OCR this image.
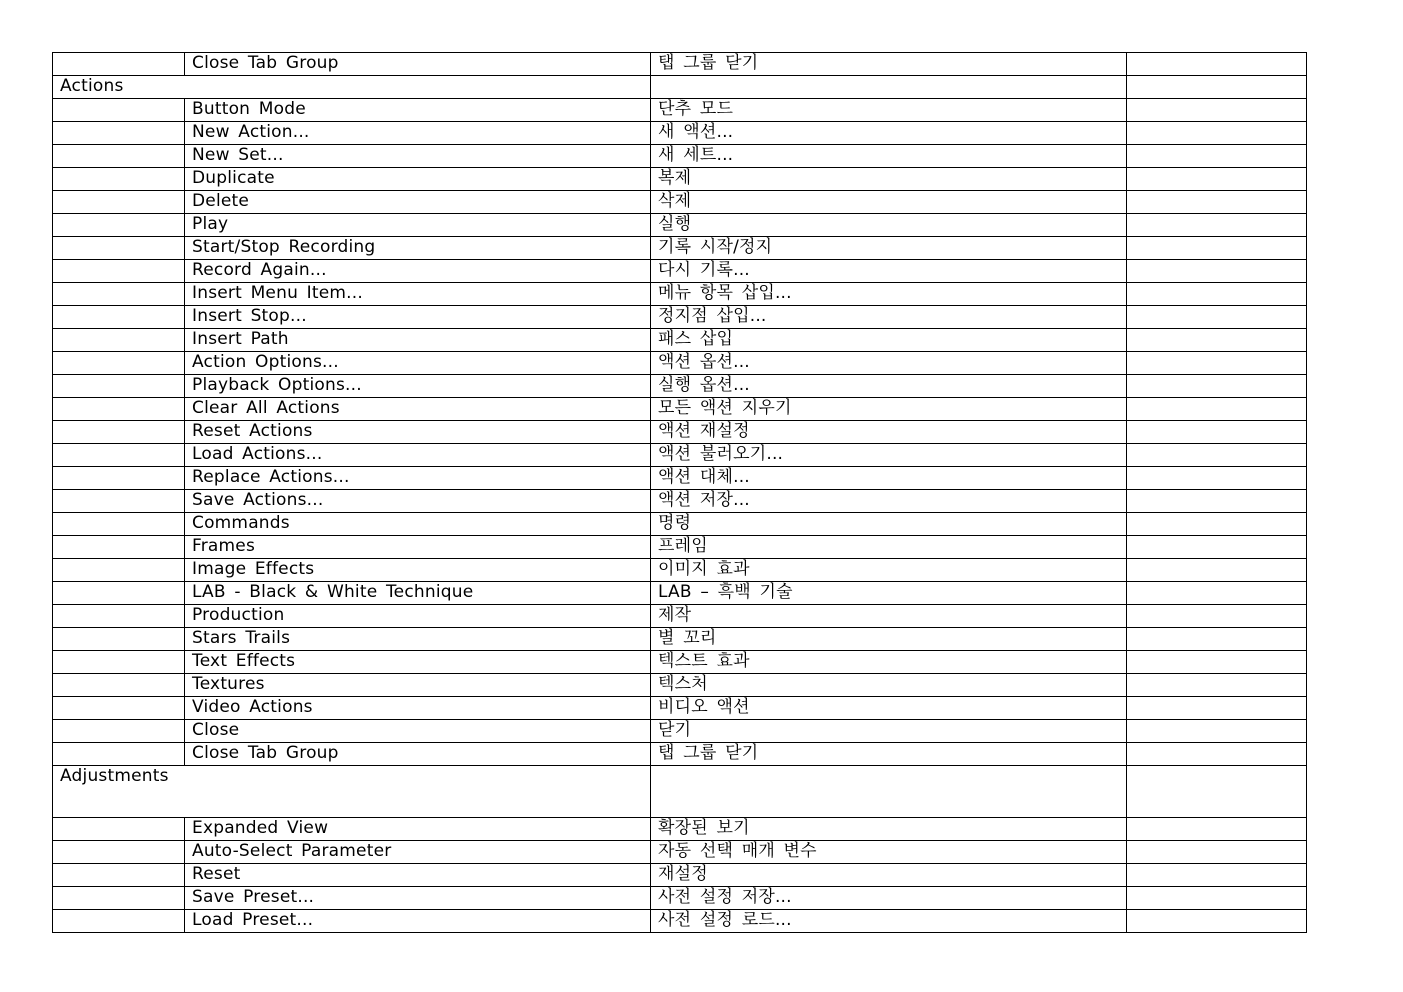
	Close Tab Group	탭 그룹 닫기	
Actions			
	Button Mode	단추 모드	
	New Action...	새 액션...	
	New Set...	새 세트...	
	Duplicate	복제	
	Delete	삭제	
	Play	실행	
	Start/Stop Recording	기록 시작/정지	
	Record Again...	다시 기록...	
	Insert Menu Item...	메뉴 항목 삽입...	
	Insert Stop...	정지점 삽입...	
	Insert Path	패스 삽입	
	Action Options...	액션 옵션...	
	Playback Options...	실행 옵션...	
	Clear All Actions	모든 액션 지우기	
	Reset Actions	액션 재설정	
	Load Actions...	액션 불러오기...	
	Replace Actions...	액션 대체...	
	Save Actions...	액션 저장...	
	Commands	명령	
	Frames	프레임	
	Image Effects	이미지 효과	
	LAB - Black & White Technique	LAB – 흑백 기술	
	Production	제작	
	Stars Trails	별 꼬리	
	Text Effects	텍스트 효과	
	Textures	텍스처	
	Video Actions	비디오 액션	
	Close	닫기	
	Close Tab Group	탭 그룹 닫기	
Adjustments			
	Expanded View	확장된 보기	
	Auto-Select Parameter	자동 선택 매개 변수	
	Reset	재설정	
	Save Preset...	사전 설정 저장...	
	Load Preset...	사전 설정 로드...	
